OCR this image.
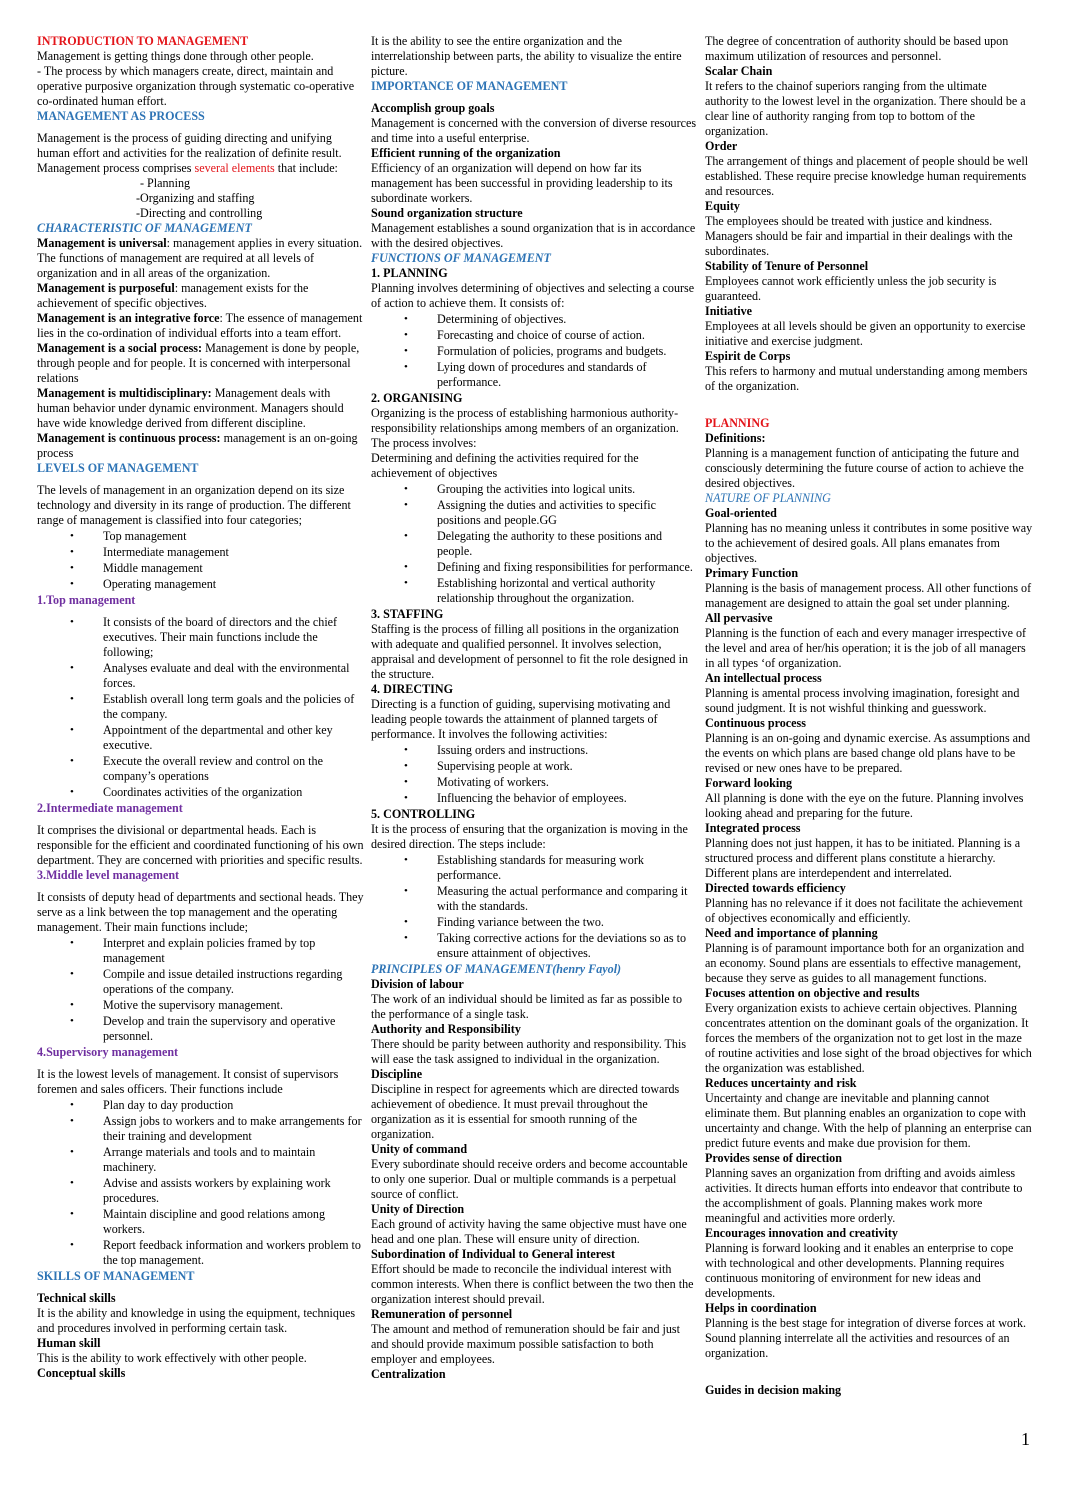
INTRODUCTION TO MANAGEMENT

Management is getting things done through other people.

- The process by which managers create, direct, maintain and operative purposive organization through systematic co-operative co-ordinated human effort.

MANAGEMENT AS PROCESS

Management is the process of guiding directing and unifying human effort and activities for the realization of definite result.

Management process comprises several elements that include:

- Planning

-Organizing and staffing

-Directing and controlling

CHARACTERISTIC OF MANAGEMENT

Management is universal: management applies in every situation. The functions of management are required at all levels of organization and in all areas of the organization.

Management is purposeful: management exists for the achievement of specific objectives.

Management is an integrative force: The essence of management lies in the co-ordination of individual efforts into a team effort.

Management is a social process: Management is done by people, through people and for people. It is concerned with interpersonal relations

Management is multidisciplinary: Management deals with human behavior under dynamic environment. Managers should have wide knowledge derived from different discipline.

Management is continuous process: management is an on-going process

LEVELS OF MANAGEMENT

The levels of management in an organization depend on its size technology and diversity in its range of production. The different range of management is classified into four categories;

• Top management
• Intermediate management
• Middle management
• Operating management

1.Top management

• It consists of the board of directors and the chief executives. Their main functions include the following;
• Analyses evaluate and deal with the environmental forces.
• Establish overall long term goals and the policies of the company.
• Appointment of the departmental and other key executive.
• Execute the overall review and control on the company’s operations
• Coordinates activities of the organization

2.Intermediate management

It comprises the divisional or departmental heads. Each is responsible for the efficient and coordinated functioning of his own department. They are concerned with priorities and specific results.

3.Middle level management

It consists of deputy head of departments and sectional heads. They serve as a link between the top management and the operating management. Their main functions include;

• Interpret and explain policies framed by top management
• Compile and issue detailed instructions regarding operations of the company.
• Motive the supervisory management.
• Develop and train the supervisory and operative personnel.

4.Supervisory management

It is the lowest levels of management. It consist of supervisors foremen and sales officers. Their functions include

• Plan day to day production
• Assign jobs to workers and to make arrangements for their training and development
• Arrange materials and tools and to maintain machinery.
• Advise and assists workers by explaining work procedures.
• Maintain discipline and good relations among workers.
• Report feedback information and workers problem to the top management.

SKILLS OF MANAGEMENT

Technical skills

It is the ability and knowledge in using the equipment, techniques and procedures involved in performing certain task.

Human skill

This is the ability to work effectively with other people.

Conceptual skills

It is the ability to see the entire organization and the interrelationship between parts, the ability to visualize the entire picture.

IMPORTANCE OF MANAGEMENT

Accomplish group goals

Management is concerned with the conversion of diverse resources and time into a useful enterprise.

Efficient running of the organization

Efficiency of an organization will depend on how far its management has been successful in providing leadership to its subordinate workers.

Sound organization structure

Management establishes a sound organization that is in accordance with the desired objectives.

FUNCTIONS OF MANAGEMENT

1. PLANNING

Planning involves determining of objectives and selecting a course of action to achieve them. It consists of:

• Determining of objectives.
• Forecasting and choice of course of action.
• Formulation of policies, programs and budgets.
• Lying down of procedures and standards of performance.

2. ORGANISING

Organizing is the process of establishing harmonious authority-responsibility relationships among members of an organization. The process involves:

Determining and defining the activities required for the achievement of objectives

• Grouping the activities into logical units.
• Assigning the duties and activities to specific positions and people.GG
• Delegating the authority to these positions and people.
• Defining and fixing responsibilities for performance.
• Establishing horizontal and vertical authority relationship throughout the organization.

3. STAFFING

Staffing is the process of filling all positions in the organization with adequate and qualified personnel. It involves selection, appraisal and development of personnel to fit the role designed in the structure.

4. DIRECTING

Directing is a function of guiding, supervising motivating and leading people towards the attainment of planned targets of performance. It involves the following activities:

• Issuing orders and instructions.
• Supervising people at work.
• Motivating of workers.
• Influencing the behavior of employees.

5. CONTROLLING

It is the process of ensuring that the organization is moving in the desired direction. The steps include:

• Establishing standards for measuring work performance.
• Measuring the actual performance and comparing it with the standards.
• Finding variance between the two.
• Taking corrective actions for the deviations so as to ensure attainment of objectives.

PRINCIPLES OF MANAGEMENT(henry Fayol)

Division of labour

The work of an individual should be limited as far as possible to the performance of a single task.

Authority and Responsibility

There should be parity between authority and responsibility. This will ease the task assigned to individual in the organization.

Discipline

Discipline in respect for agreements which are directed towards achievement of obedience. It must prevail throughout the organization as it is essential for smooth running of the organization.

Unity of command

Every subordinate should receive orders and become accountable to only one superior. Dual or multiple commands is a perpetual source of conflict.

Unity of Direction

Each ground of activity having the same objective must have one head and one plan. These will ensure unity of direction.

Subordination of Individual to General interest

Effort should be made to reconcile the individual interest with common interests. When there is conflict between the two then the organization interest should prevail.

Remuneration of personnel

The amount and method of remuneration should be fair and just and should provide maximum possible satisfaction to both employer and employees.

Centralization

The degree of concentration of authority should be based upon maximum utilization of resources and personnel.

Scalar Chain

It refers to the chainof superiors ranging from the ultimate authority to the lowest level in the organization. There should be a clear line of authority ranging from top to bottom of the organization.

Order

The arrangement of things and placement of people should be well established. These require precise knowledge human requirements and resources.

Equity

The employees should be treated with justice and kindness. Managers should be fair and impartial in their dealings with the subordinates.

Stability of Tenure of Personnel

Employees cannot work efficiently unless the job security is guaranteed.

Initiative

Employees at all levels should be given an opportunity to exercise initiative and exercise judgment.

Espirit de Corps

This refers to harmony and mutual understanding among members of the organization.

PLANNING

Definitions:

Planning is a management function of anticipating the future and consciously determining the future course of action to achieve the desired objectives.

NATURE OF PLANNING

Goal-oriented

Planning has no meaning unless it contributes in some positive way to the achievement of desired goals. All plans emanates from objectives.

Primary Function

Planning is the basis of management process. All other functions of management are designed to attain the goal set under planning.

All pervasive

Planning is the function of each and every manager irrespective of the level and area of her/his operation; it is the job of all managers in all types ‘of organization.

An intellectual process

Planning is amental process involving imagination, foresight and sound judgment. It is not wishful thinking and guesswork.

Continuous process

Planning is an on-going and dynamic exercise. As assumptions and the events on which plans are based change old plans have to be revised or new ones have to be prepared.

Forward looking

All planning is done with the eye on the future. Planning involves looking ahead and preparing for the future.

Integrated process

Planning does not just happen, it has to be initiated. Planning is a structured process and different plans constitute a hierarchy. Different plans are interdependent and interrelated.

Directed towards efficiency

Planning has no relevance if it does not facilitate the achievement of objectives economically and efficiently.

Need and importance of planning

Planning is of paramount importance both for an organization and an economy. Sound plans are essentials to effective management, because they serve as guides to all management functions.

Focuses attention on objective and results

Every organization exists to achieve certain objectives. Planning concentrates attention on the dominant goals of the organization. It forces the members of the organization not to get lost in the maze of routine activities and lose sight of the broad objectives for which the organization was established.

Reduces uncertainty and risk

Uncertainty and change are inevitable and planning cannot eliminate them. But planning enables an organization to cope with uncertainty and change. With the help of planning an enterprise can predict future events and make due provision for them.

Provides sense of direction

Planning saves an organization from drifting and avoids aimless activities. It directs human efforts into endeavor that contribute to the accomplishment of goals. Planning makes work more meaningful and activities more orderly.

Encourages innovation and creativity

Planning is forward looking and it enables an enterprise to cope with technological and other developments. Planning requires continuous monitoring of environment for new ideas and developments.

Helps in coordination

Planning is the best stage for integration of diverse forces at work. Sound planning interrelate all the activities and resources of an organization.

Guides in decision making

1
